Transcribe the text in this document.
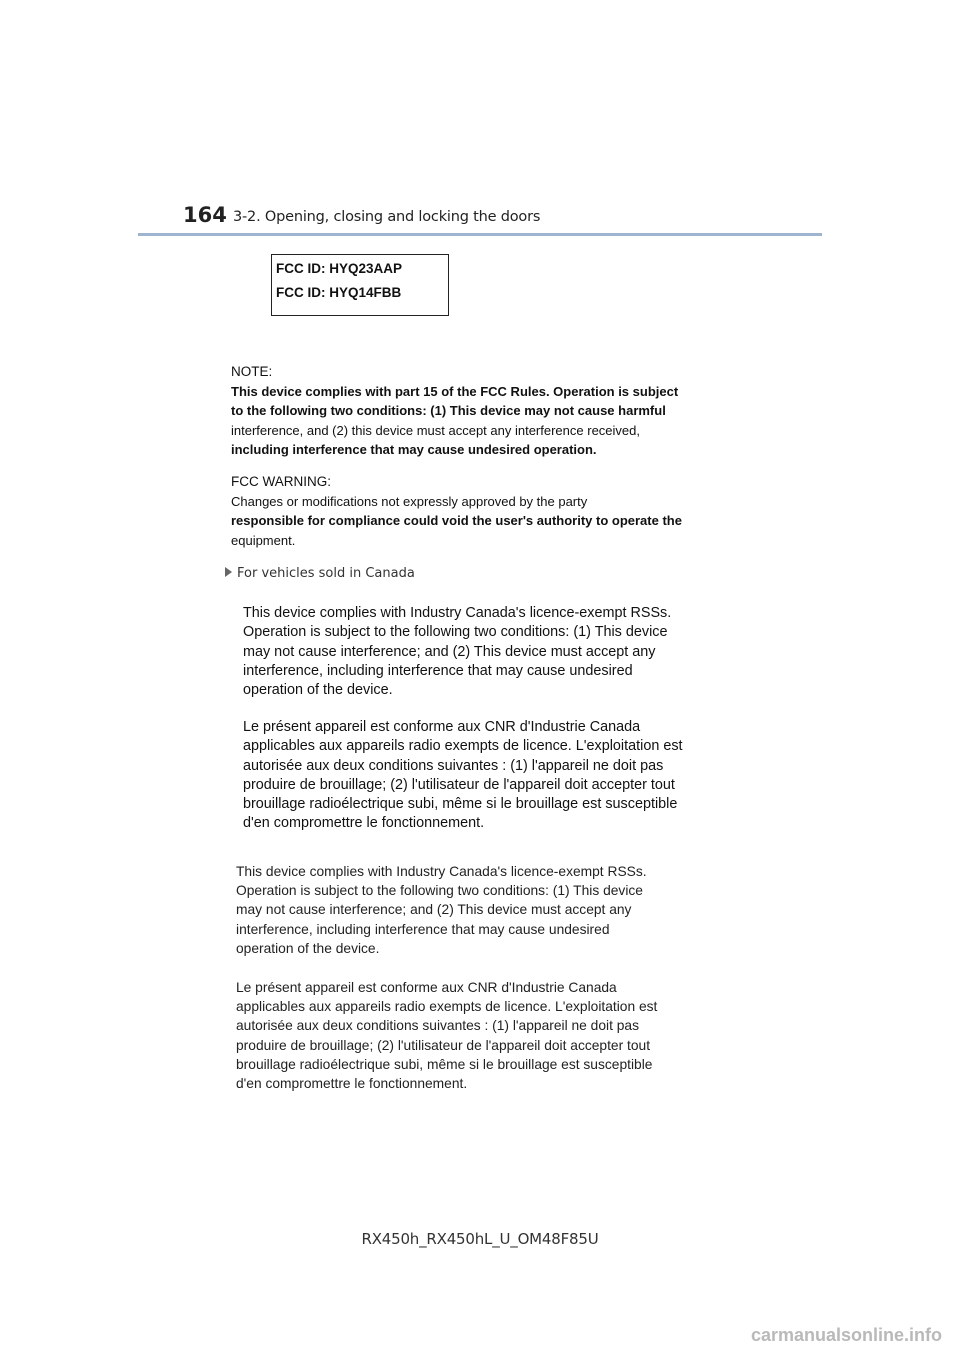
164 3-2. Opening, closing and locking the doors
FCC ID: HYQ23AAP
FCC ID: HYQ14FBB

NOTE:

This device complies with part 15 of the FCC Rules. Operation is subject

to the following two conditions: (1) This device may not cause harmful

interference, and (2) this device must accept any interference received,

including interference that may cause undesired operation.

FCC WARNING:

Changes or modifications not expressly approved by the party

responsible for compliance could void the user's authority to operate the

equipment.

For vehicles sold in Canada

This device complies with Industry Canada's licence-exempt RSSs.

Operation is subject to the following two conditions: (1) This device

may not cause interference; and (2) This device must accept any

interference, including interference that may cause undesired

operation of the device.

Le présent appareil est conforme aux CNR d'Industrie Canada

applicables aux appareils radio exempts de licence. L'exploitation est

autorisée aux deux conditions suivantes : (1) l'appareil ne doit pas

produire de brouillage; (2) l'utilisateur de l'appareil doit accepter tout

brouillage radioélectrique subi, même si le brouillage est susceptible

d'en compromettre le fonctionnement.

This device complies with Industry Canada's licence-exempt RSSs.

Operation is subject to the following two conditions: (1) This device

may not cause interference; and (2) This device must accept any

interference, including interference that may cause undesired

operation of the device.

Le présent appareil est conforme aux CNR d'Industrie Canada

applicables aux appareils radio exempts de licence. L'exploitation est

autorisée aux deux conditions suivantes : (1) l'appareil ne doit pas

produire de brouillage; (2) l'utilisateur de l'appareil doit accepter tout

brouillage radioélectrique subi, même si le brouillage est susceptible

d'en compromettre le fonctionnement.

RX450h_RX450hL_U_OM48F85U
carmanualsonline.info
